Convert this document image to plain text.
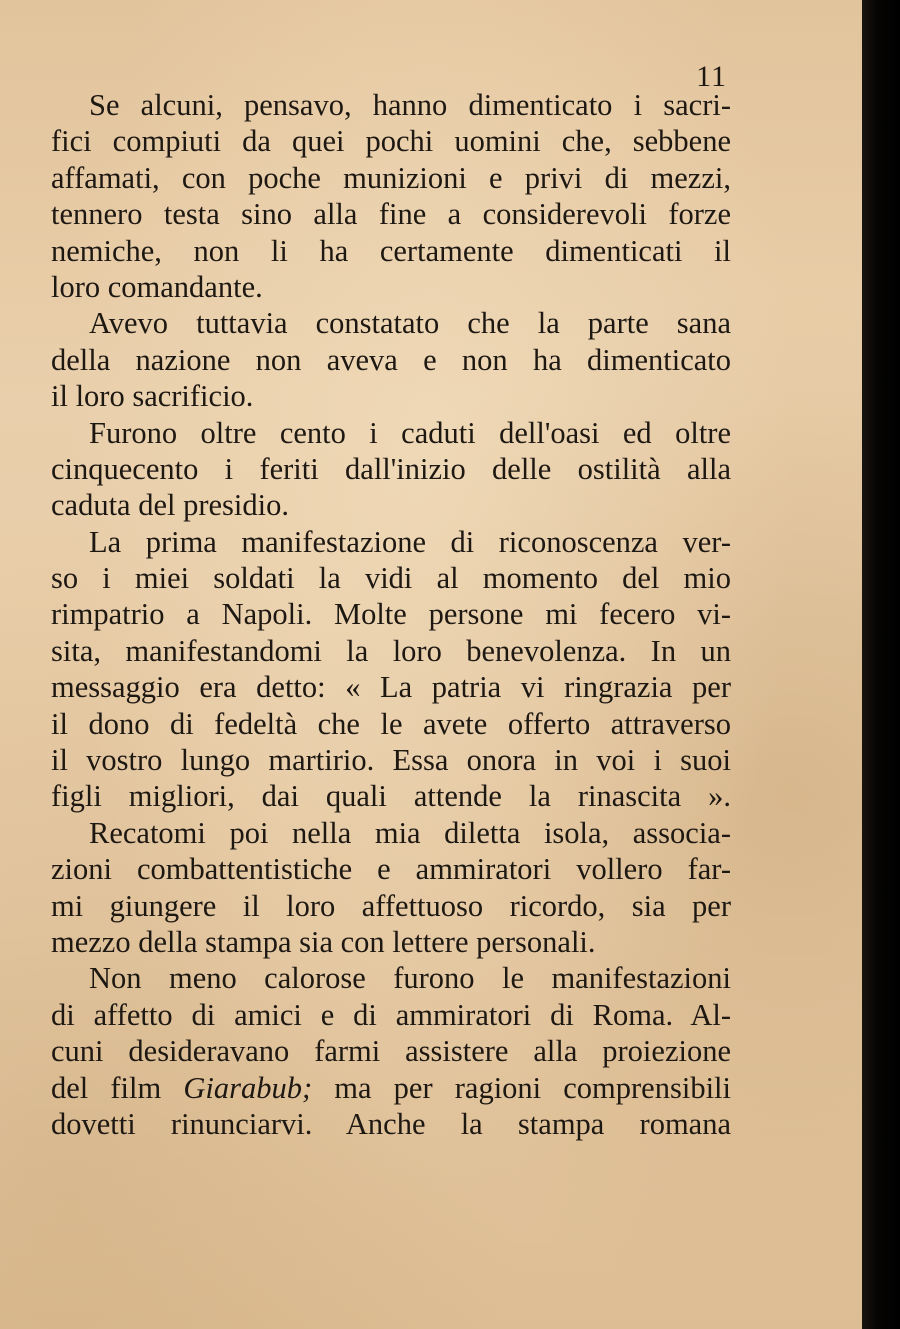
11
Se alcuni, pensavo, hanno dimenticato i sacri-
fici compiuti da quei pochi uomini che, sebbene
affamati, con poche munizioni e privi di mezzi,
tennero testa sino alla fine a considerevoli forze
nemiche, non li ha certamente dimenticati il
loro comandante.
Avevo tuttavia constatato che la parte sana
della nazione non aveva e non ha dimenticato
il loro sacrificio.
Furono oltre cento i caduti dell'oasi ed oltre
cinquecento i feriti dall'inizio delle ostilità alla
caduta del presidio.
La prima manifestazione di riconoscenza ver-
so i miei soldati la vidi al momento del mio
rimpatrio a Napoli. Molte persone mi fecero vi-
sita, manifestandomi la loro benevolenza. In un
messaggio era detto: « La patria vi ringrazia per
il dono di fedeltà che le avete offerto attraverso
il vostro lungo martirio. Essa onora in voi i suoi
figli migliori, dai quali attende la rinascita ».
Recatomi poi nella mia diletta isola, associa-
zioni combattentistiche e ammiratori vollero far-
mi giungere il loro affettuoso ricordo, sia per
mezzo della stampa sia con lettere personali.
Non meno calorose furono le manifestazioni
di affetto di amici e di ammiratori di Roma. Al-
cuni desideravano farmi assistere alla proiezione
del film Giarabub; ma per ragioni comprensibili
dovetti rinunciarvi. Anche la stampa romana
